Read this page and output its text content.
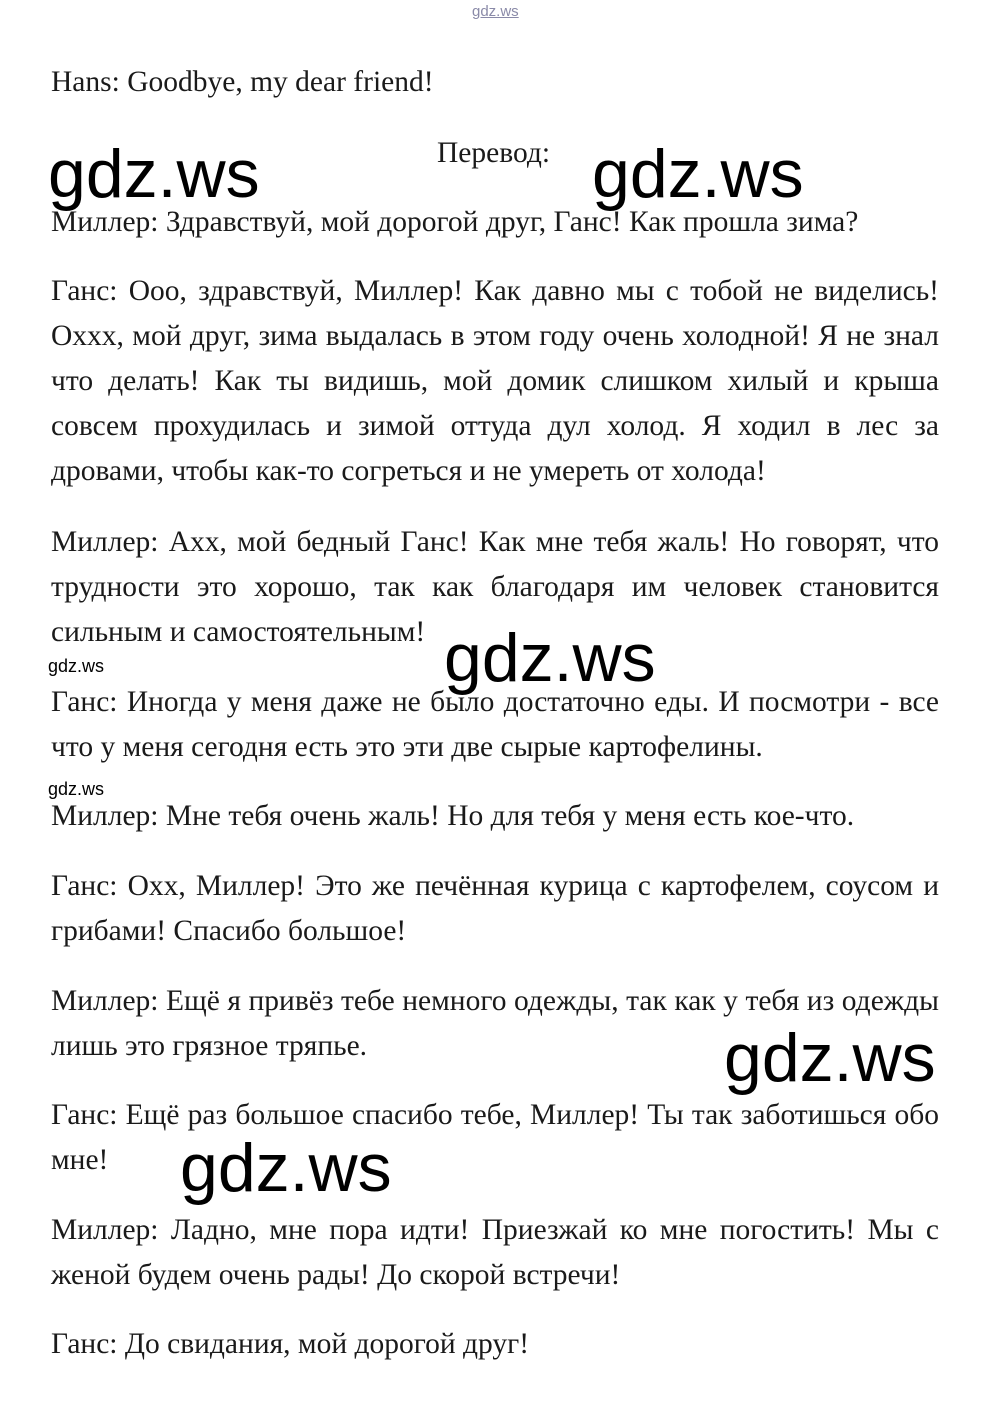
gdz.ws

Hans: Goodbye, my dear friend!

Перевод:

Миллер: Здравствуй, мой дорогой друг, Ганс! Как прошла зима?

Ганс: Ооо, здравствуй, Миллер! Как давно мы с тобой не виделись! Охxx, мой друг, зима выдалась в этом году очень холодной! Я не знал что делать! Как ты видишь, мой домик слишком хилый и крыша совсем прохудилась и зимой оттуда дул холод. Я ходил в лес за дровами, чтобы как-то согреться и не умереть от холода!

Миллер: Ахх, мой бедный Ганс! Как мне тебя жаль! Но говорят, что трудности это хорошо, так как благодаря им человек становится сильным и самостоятельным!

Ганс: Иногда у меня даже не было достаточно еды. И посмотри - все что у меня сегодня есть это эти две сырые картофелины.

Миллер: Мне тебя очень жаль! Но для тебя у меня есть кое-что.

Ганс: Охх, Миллер! Это же печённая курица с картофелем, соусом и грибами! Спасибо большое!

Миллер: Ещё я привёз тебе немного одежды, так как у тебя из одежды лишь это грязное тряпье.

Ганс: Ещё раз большое спасибо тебе, Миллер! Ты так заботишься обо мне!

Миллер: Ладно, мне пора идти! Приезжай ко мне погостить! Мы с женой будем очень рады! До скорой встречи!

Ганс: До свидания, мой дорогой друг!

gdz.ws	gdz.ws
gdz.ws
gdz.ws
gdz.ws
gdz.ws
gdz.ws
